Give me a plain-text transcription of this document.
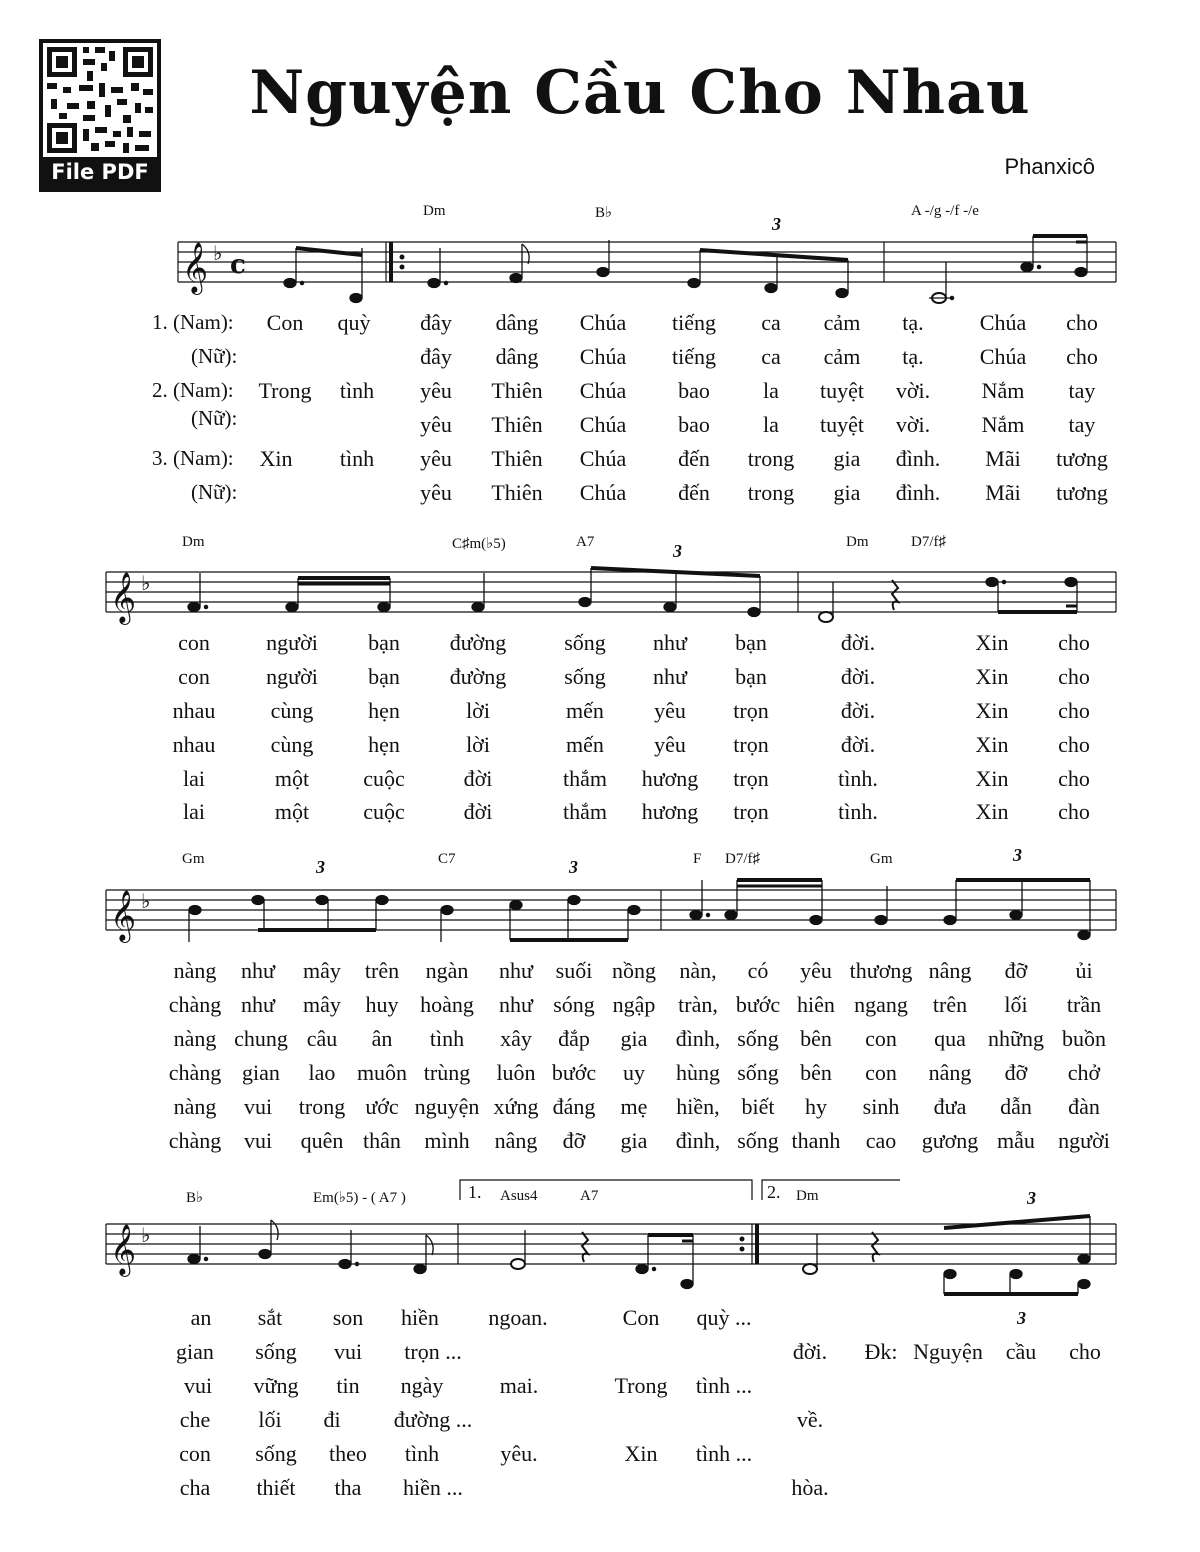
File PDF
Nguyện Cầu Cho Nhau
Phanxicô
Dm	B♭	A -/g -/f -/e
3
𝄞 ♭ c
1. (Nam): Con quỳ đây dâng Chúa tiếng ca cảm tạ.	Chúa cho
(Nữ):	đây dâng Chúa tiếng ca cảm tạ.	Chúa cho
2. (Nam): Trong tình yêu Thiên Chúa bao la tuyệt vời. Nắm tay
(Nữ):	yêu Thiên Chúa bao la tuyệt vời. Nắm tay
3. (Nam): Xin tình yêu Thiên Chúa đến trong gia đình. Mãi tương
(Nữ):	yêu Thiên Chúa đến trong gia đình. Mãi tương
Dm	C♯m(♭5)	A7	Dm	D7/f♯
3
𝄞 ♭
con	người bạn đường	sống như bạn	đời.	Xin cho
con	người bạn đường	sống như bạn	đời.	Xin cho
nhau	cùng hẹn	lời	mến yêu trọn	đời.	Xin cho
nhau	cùng hẹn	lời	mến yêu trọn	đời.	Xin cho
lai	một cuộc	đời	thắm hương trọn	tình.	Xin cho
lai	một cuộc	đời	thắm hương trọn	tình.	Xin cho
Gm	C7	F D7/f♯	Gm
3	3
3
𝄞 ♭
nàng như mây trên ngàn như suối nồng nàn, có yêu thương nâng đỡ ủi
chàng như mây huy hoàng như sóng ngập tràn, bước hiên ngang trên lối trần
nàng chung câu ân tình xây đắp gia đình, sống bên con qua những buồn
chàng gian lao muôn trùng luôn bước uy hùng sống bên con nâng đỡ chở
nàng vui trong ước nguyện xứng đáng mẹ hiền, biết hy sinh đưa dẫn đàn
chàng vui quên thân mình nâng đỡ gia đình, sống thanh cao gương mẫu người
B♭	Em(♭5) - ( A7 )	1. Asus4	A7	2. Dm	3
3
𝄞 ♭
an sắt son hiền ngoan.	Con quỳ ...
gian sống vui trọn ...	đời. Đk: Nguyện cầu cho
vui vững tin ngày	mai.	Trong tình ...
che lối đi đường ...	về.
con sống theo tình	yêu.	Xin tình ...
cha thiết tha hiền ...	hòa.
